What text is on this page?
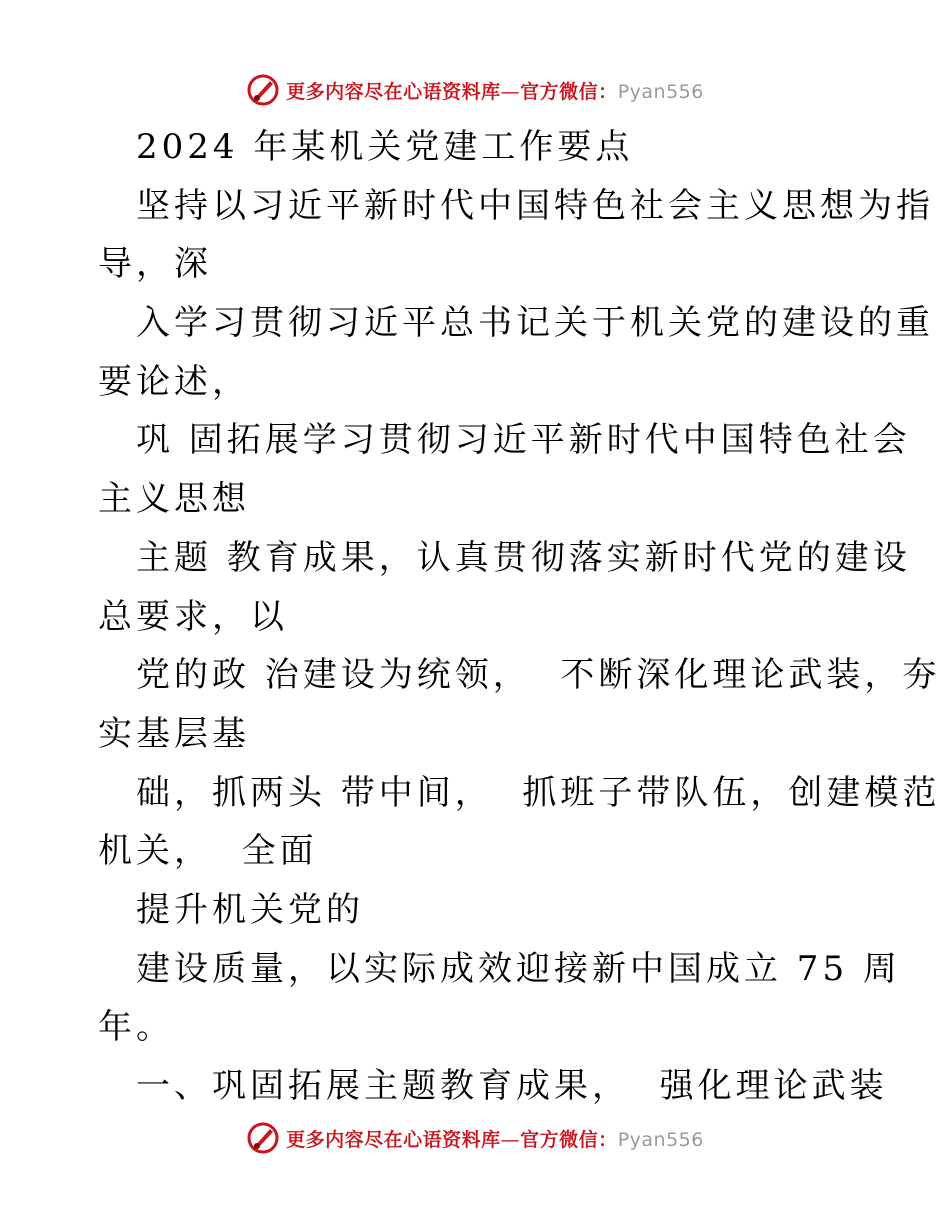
更多内容尽在心语资料库—官方微信：Pyan556
2024 年某机关党建工作要点
坚持以习近平新时代中国特色社会主义思想为指
导，深
入学习贯彻习近平总书记关于机关党的建设的重
要论述，
巩 固拓展学习贯彻习近平新时代中国特色社会
主义思想
主题 教育成果，认真贯彻落实新时代党的建设
总要求，以
党的政 治建设为统领，  不断深化理论武装，夯
实基层基
础，抓两头 带中间，  抓班子带队伍，创建模范
机关，  全面
提升机关党的
建设质量，以实际成效迎接新中国成立 75 周
年。
一、巩固拓展主题教育成果，  强化理论武装
更多内容尽在心语资料库—官方微信：Pyan556
